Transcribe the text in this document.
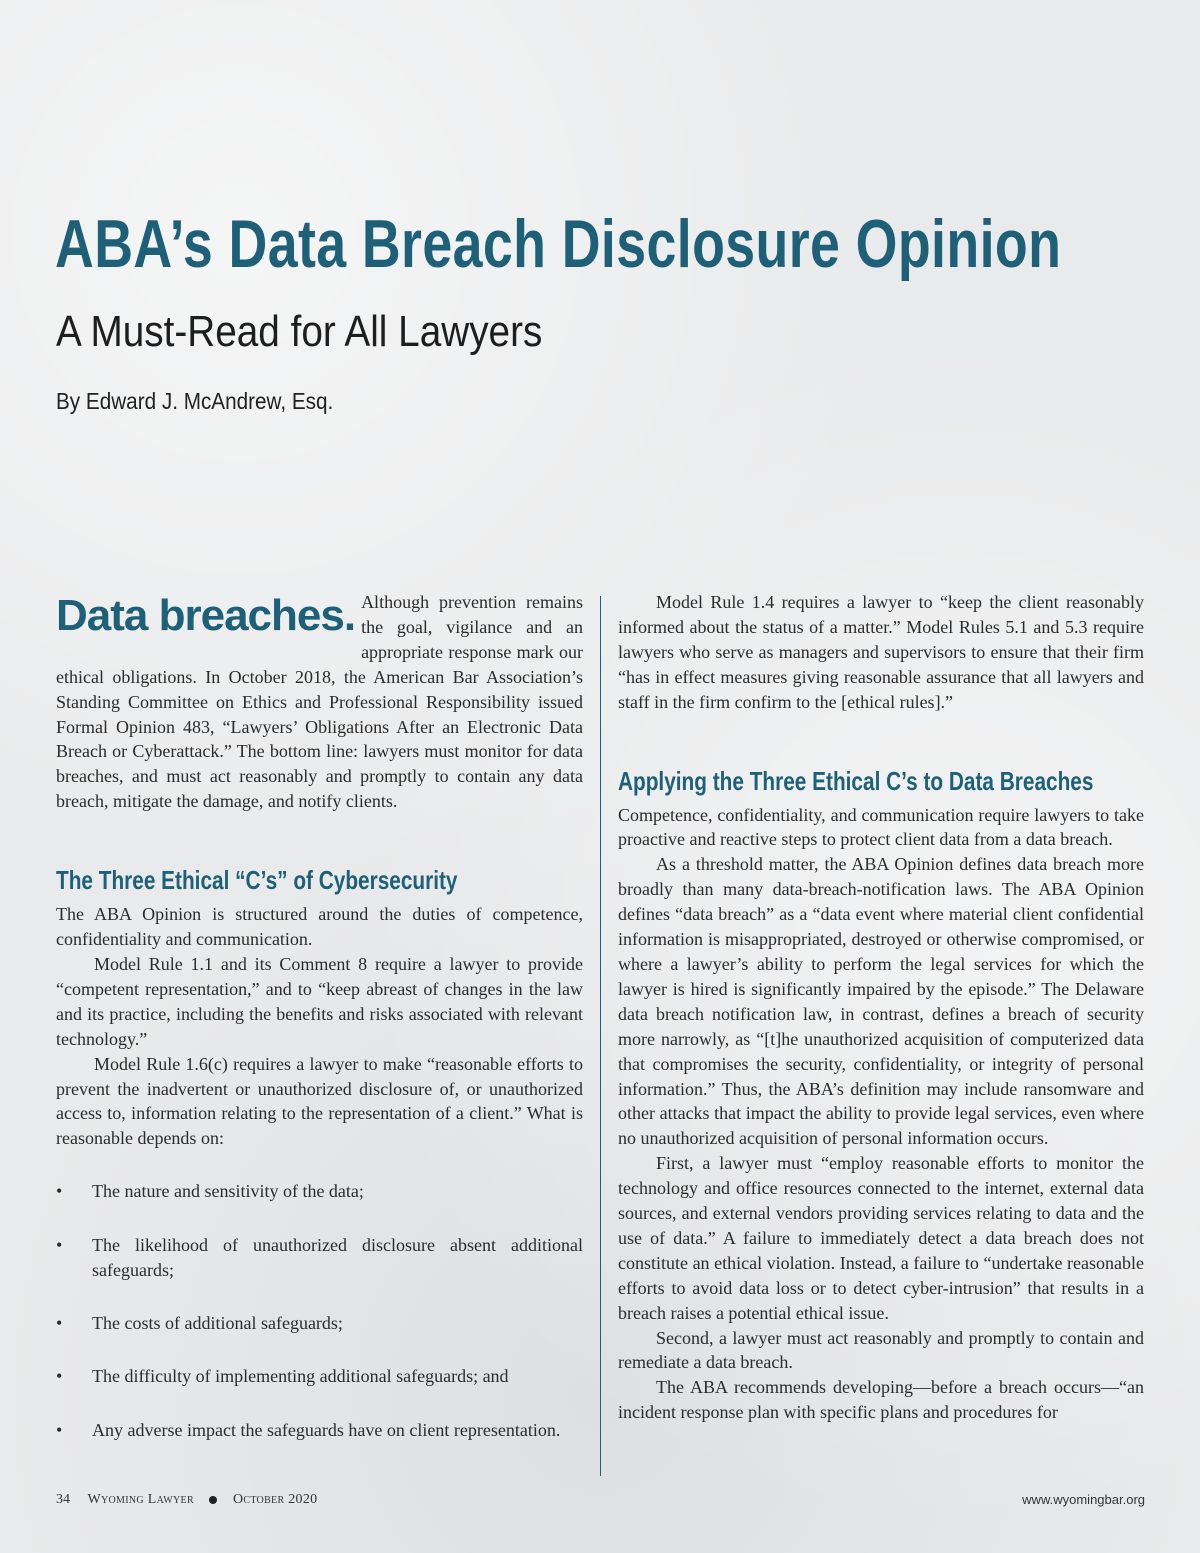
ABA’s Data Breach Disclosure Opinion
A Must-Read for All Lawyers
By Edward J. McAndrew, Esq.

Data breaches. Although prevention remains the goal, vigilance and an appropriate response mark our ethical obligations. In October 2018, the American Bar Association’s Standing Committee on Ethics and Professional Responsibility issued Formal Opinion 483, “Lawyers’ Obligations After an Electronic Data Breach or Cyberattack.” The bottom line: lawyers must monitor for data breaches, and must act reasonably and promptly to contain any data breach, mitigate the damage, and notify clients.

The Three Ethical “C’s” of Cybersecurity

The ABA Opinion is structured around the duties of competence, confidentiality and communication.

Model Rule 1.1 and its Comment 8 require a lawyer to provide “competent representation,” and to “keep abreast of changes in the law and its practice, including the benefits and risks associated with relevant technology.”

Model Rule 1.6(c) requires a lawyer to make “reasonable efforts to prevent the inadvertent or unauthorized disclosure of, or unauthorized access to, information relating to the representation of a client.” What is reasonable depends on:

• The nature and sensitivity of the data;
• The likelihood of unauthorized disclosure absent additional safeguards;
• The costs of additional safeguards;
• The difficulty of implementing additional safeguards; and
• Any adverse impact the safeguards have on client representation.

Model Rule 1.4 requires a lawyer to “keep the client reasonably informed about the status of a matter.” Model Rules 5.1 and 5.3 require lawyers who serve as managers and supervisors to ensure that their firm “has in effect measures giving reasonable assurance that all lawyers and staff in the firm confirm to the [ethical rules].”

Applying the Three Ethical C’s to Data Breaches

Competence, confidentiality, and communication require lawyers to take proactive and reactive steps to protect client data from a data breach.

As a threshold matter, the ABA Opinion defines data breach more broadly than many data-breach-notification laws. The ABA Opinion defines “data breach” as a “data event where material client confidential information is misappropriated, destroyed or otherwise compromised, or where a lawyer’s ability to perform the legal services for which the lawyer is hired is significantly impaired by the episode.” The Delaware data breach notification law, in contrast, defines a breach of security more narrowly, as “[t]he unauthorized acquisition of computerized data that compromises the security, confidentiality, or integrity of personal information.” Thus, the ABA’s definition may include ransomware and other attacks that impact the ability to provide legal services, even where no unauthorized acquisition of personal information occurs.

First, a lawyer must “employ reasonable efforts to monitor the technology and office resources connected to the internet, external data sources, and external vendors providing services relating to data and the use of data.” A failure to immediately detect a data breach does not constitute an ethical violation. Instead, a failure to “undertake reasonable efforts to avoid data loss or to detect cyber-intrusion” that results in a breach raises a potential ethical issue.

Second, a lawyer must act reasonably and promptly to contain and remediate a data breach.

The ABA recommends developing—before a breach occurs—“an incident response plan with specific plans and procedures for

34 Wyoming Lawyer	October 2020	www.wyomingbar.org
